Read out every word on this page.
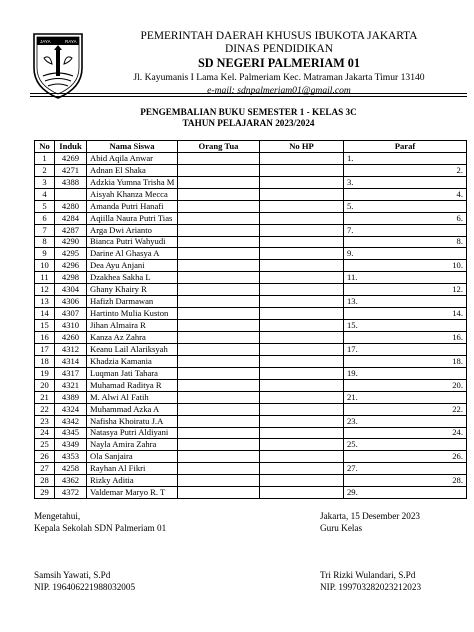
JAYA	RAYA	PEMERINTAH DAERAH KHUSUS IBUKOTA JAKARTA
DINAS PENDIDIKAN
SD NEGERI PALMERIAM 01
Jl. Kayumanis I Lama Kel. Palmeriam Kec. Matraman Jakarta Timur 13140
e-mail: sdnpalmeriam01@gmail.com
PENGEMBALIAN BUKU SEMESTER 1 - KELAS 3C
TAHUN PELAJARAN 2023/2024
No	Induk	Nama Siswa	Orang Tua	No HP	Paraf
1	4269	Abid Aqila Anwar			1.
2	4271	Adnan El Shaka			2.
3	4388	Adzkia Yumna Trisha M			3.
4		Aisyah Khanza Mecca			4.
5	4280	Amanda Putri Hanafi			5.
6	4284	Aqiilla Naura Putri Tias			6.
7	4287	Arga Dwi Arianto			7.
8	4290	Bianca Putri Wahyudi			8.
9	4295	Darine Al Ghasya A			9.
10	4296	Dea Ayu Anjani			10.
11	4298	Dzakhea Sakha L			11.
12	4304	Ghany Khairy R			12.
13	4306	Hafizh Darmawan			13.
14	4307	Hartinto Mulia Kuston			14.
15	4310	Jihan Almaira R			15.
16	4260	Kanza Az Zahra			16.
17	4312	Keanu Lail Alariksyah			17.
18	4314	Khadzia Kamania			18.
19	4317	Luqman Jati Tahara			19.
20	4321	Muhamad Raditya R			20.
21	4389	M. Alwi Al Fatih			21.
22	4324	Muhammad Azka A			22.
23	4342	Nafisha Khoiratu J.A			23.
24	4345	Natasya Putri Aldiyani			24.
25	4349	Nayla Amira Zahra			25.
26	4353	Ola Sanjaira			26.
27	4258	Rayhan Al Fikri			27.
28	4362	Rizky Aditia			28.
29	4372	Valdemar Maryo R. T			29.
Mengetahui,
Kepala Sekolah SDN Palmeriam 01
Samsih Yawati, S.Pd
NIP. 196406221988032005
Jakarta, 15 Desember 2023
Guru Kelas
Tri Rizki Wulandari, S.Pd
NIP. 199703282023212023
